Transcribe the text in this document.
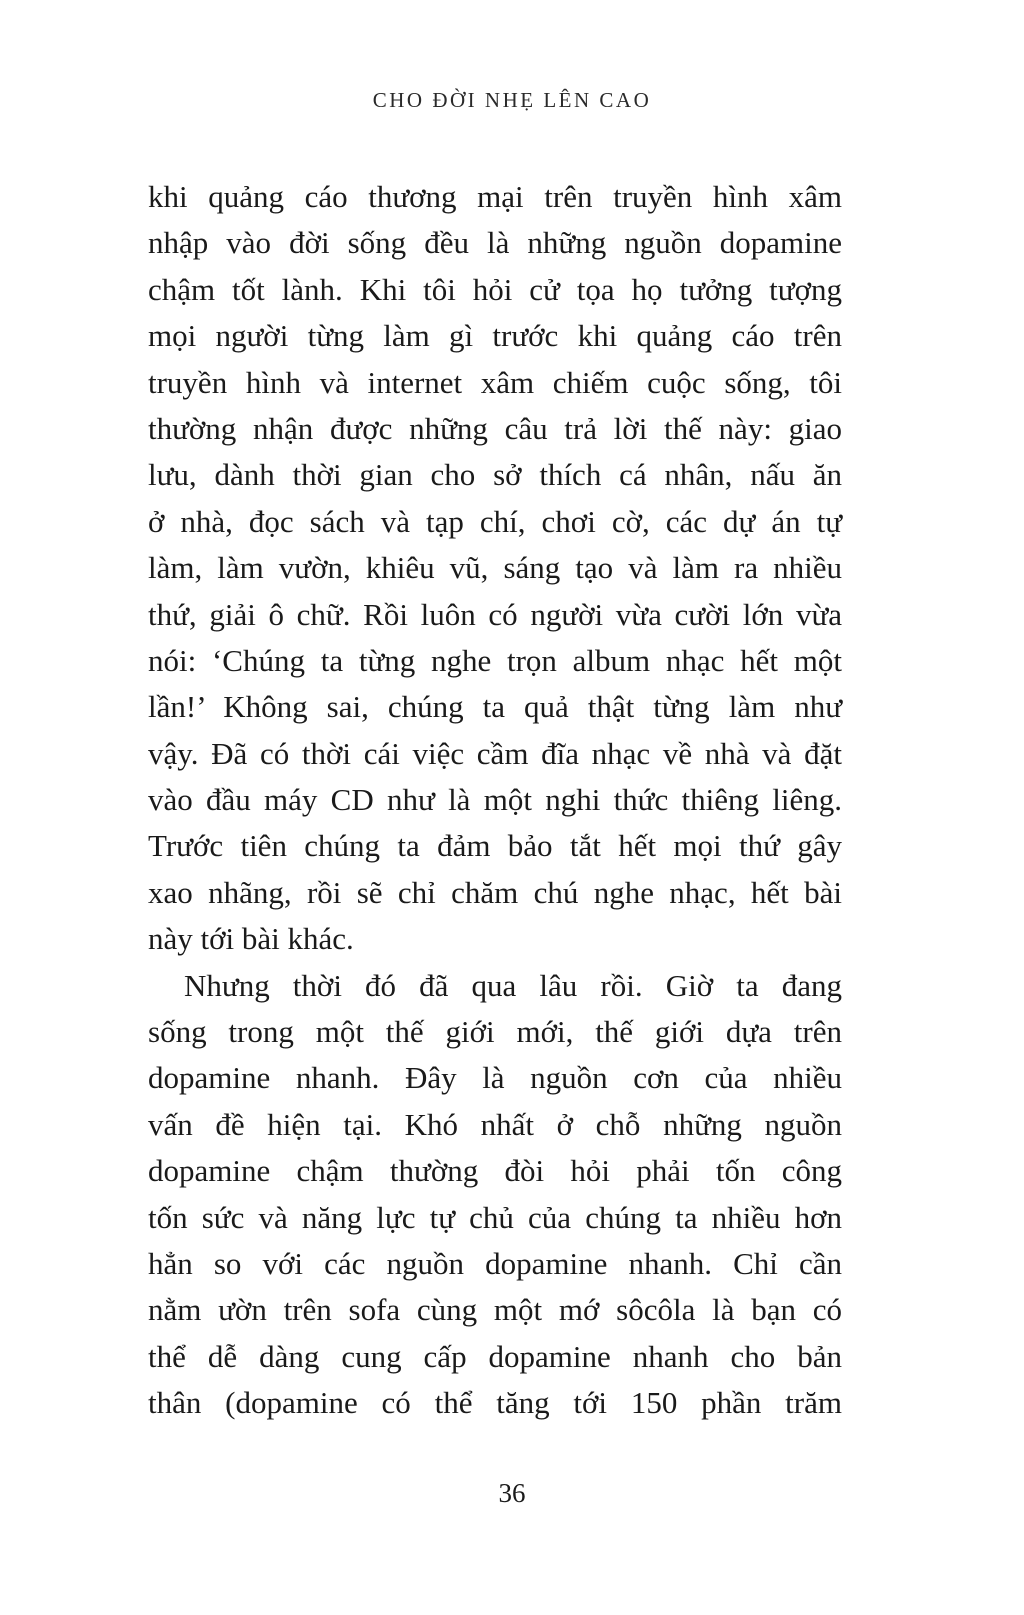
CHO ĐỜI NHẸ LÊN CAO
khi quảng cáo thương mại trên truyền hình xâm
nhập vào đời sống đều là những nguồn dopamine
chậm tốt lành. Khi tôi hỏi cử tọa họ tưởng tượng
mọi người từng làm gì trước khi quảng cáo trên
truyền hình và internet xâm chiếm cuộc sống, tôi
thường nhận được những câu trả lời thế này: giao
lưu, dành thời gian cho sở thích cá nhân, nấu ăn
ở nhà, đọc sách và tạp chí, chơi cờ, các dự án tự
làm, làm vườn, khiêu vũ, sáng tạo và làm ra nhiều
thứ, giải ô chữ. Rồi luôn có người vừa cười lớn vừa
nói: ‘Chúng ta từng nghe trọn album nhạc hết một
lần!’ Không sai, chúng ta quả thật từng làm như
vậy. Đã có thời cái việc cầm đĩa nhạc về nhà và đặt
vào đầu máy CD như là một nghi thức thiêng liêng.
Trước tiên chúng ta đảm bảo tắt hết mọi thứ gây
xao nhãng, rồi sẽ chỉ chăm chú nghe nhạc, hết bài
này tới bài khác.
Nhưng thời đó đã qua lâu rồi. Giờ ta đang
sống trong một thế giới mới, thế giới dựa trên
dopamine nhanh. Đây là nguồn cơn của nhiều
vấn đề hiện tại. Khó nhất ở chỗ những nguồn
dopamine chậm thường đòi hỏi phải tốn công
tốn sức và năng lực tự chủ của chúng ta nhiều hơn
hẳn so với các nguồn dopamine nhanh. Chỉ cần
nằm ườn trên sofa cùng một mớ sôcôla là bạn có
thể dễ dàng cung cấp dopamine nhanh cho bản
thân (dopamine có thể tăng tới 150 phần trăm
36
